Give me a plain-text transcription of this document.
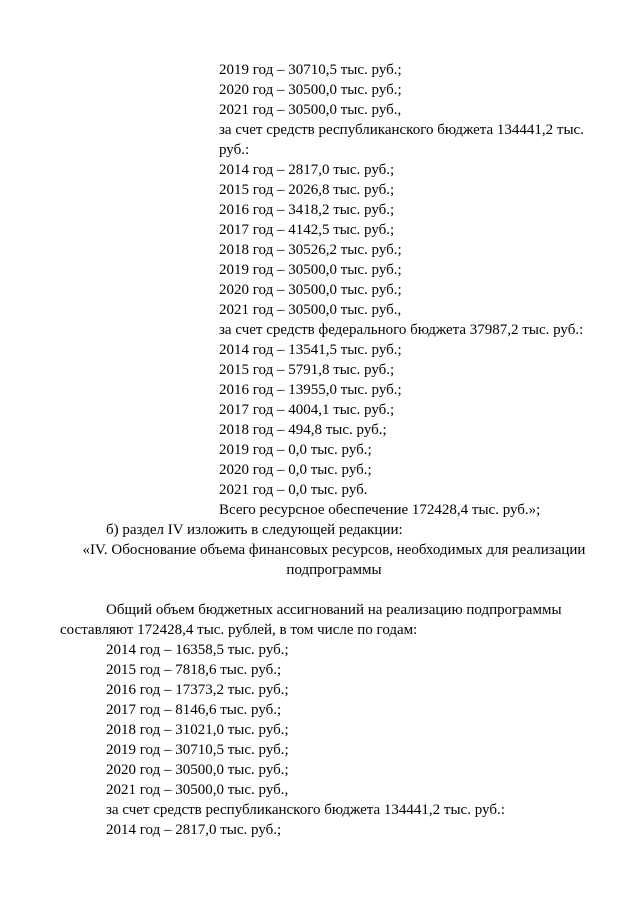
2019 год – 30710,5 тыс. руб.;
2020 год – 30500,0 тыс. руб.;
2021 год – 30500,0 тыс. руб.,
за счет средств республиканского бюджета 134441,2 тыс.
руб.:
2014 год – 2817,0 тыс. руб.;
2015 год – 2026,8 тыс. руб.;
2016 год – 3418,2 тыс. руб.;
2017 год – 4142,5 тыс. руб.;
2018 год – 30526,2 тыс. руб.;
2019 год – 30500,0 тыс. руб.;
2020 год – 30500,0 тыс. руб.;
2021 год – 30500,0 тыс. руб.,
за счет средств федерального бюджета 37987,2 тыс. руб.:
2014 год – 13541,5 тыс. руб.;
2015 год – 5791,8 тыс. руб.;
2016 год – 13955,0 тыс. руб.;
2017 год – 4004,1 тыс. руб.;
2018 год – 494,8 тыс. руб.;
2019 год – 0,0 тыс. руб.;
2020 год – 0,0 тыс. руб.;
2021 год – 0,0 тыс. руб.
Всего ресурсное обеспечение 172428,4 тыс. руб.»;
б) раздел IV изложить в следующей редакции:
«IV. Обоснование объема финансовых ресурсов, необходимых для реализации
подпрограммы
Общий объем бюджетных ассигнований на реализацию подпрограммы
составляют 172428,4 тыс. рублей, в том числе по годам:
2014 год – 16358,5 тыс. руб.;
2015 год – 7818,6 тыс. руб.;
2016 год – 17373,2 тыс. руб.;
2017 год – 8146,6 тыс. руб.;
2018 год – 31021,0 тыс. руб.;
2019 год – 30710,5 тыс. руб.;
2020 год – 30500,0 тыс. руб.;
2021 год – 30500,0 тыс. руб.,
за счет средств республиканского бюджета 134441,2 тыс. руб.:
2014 год – 2817,0 тыс. руб.;
